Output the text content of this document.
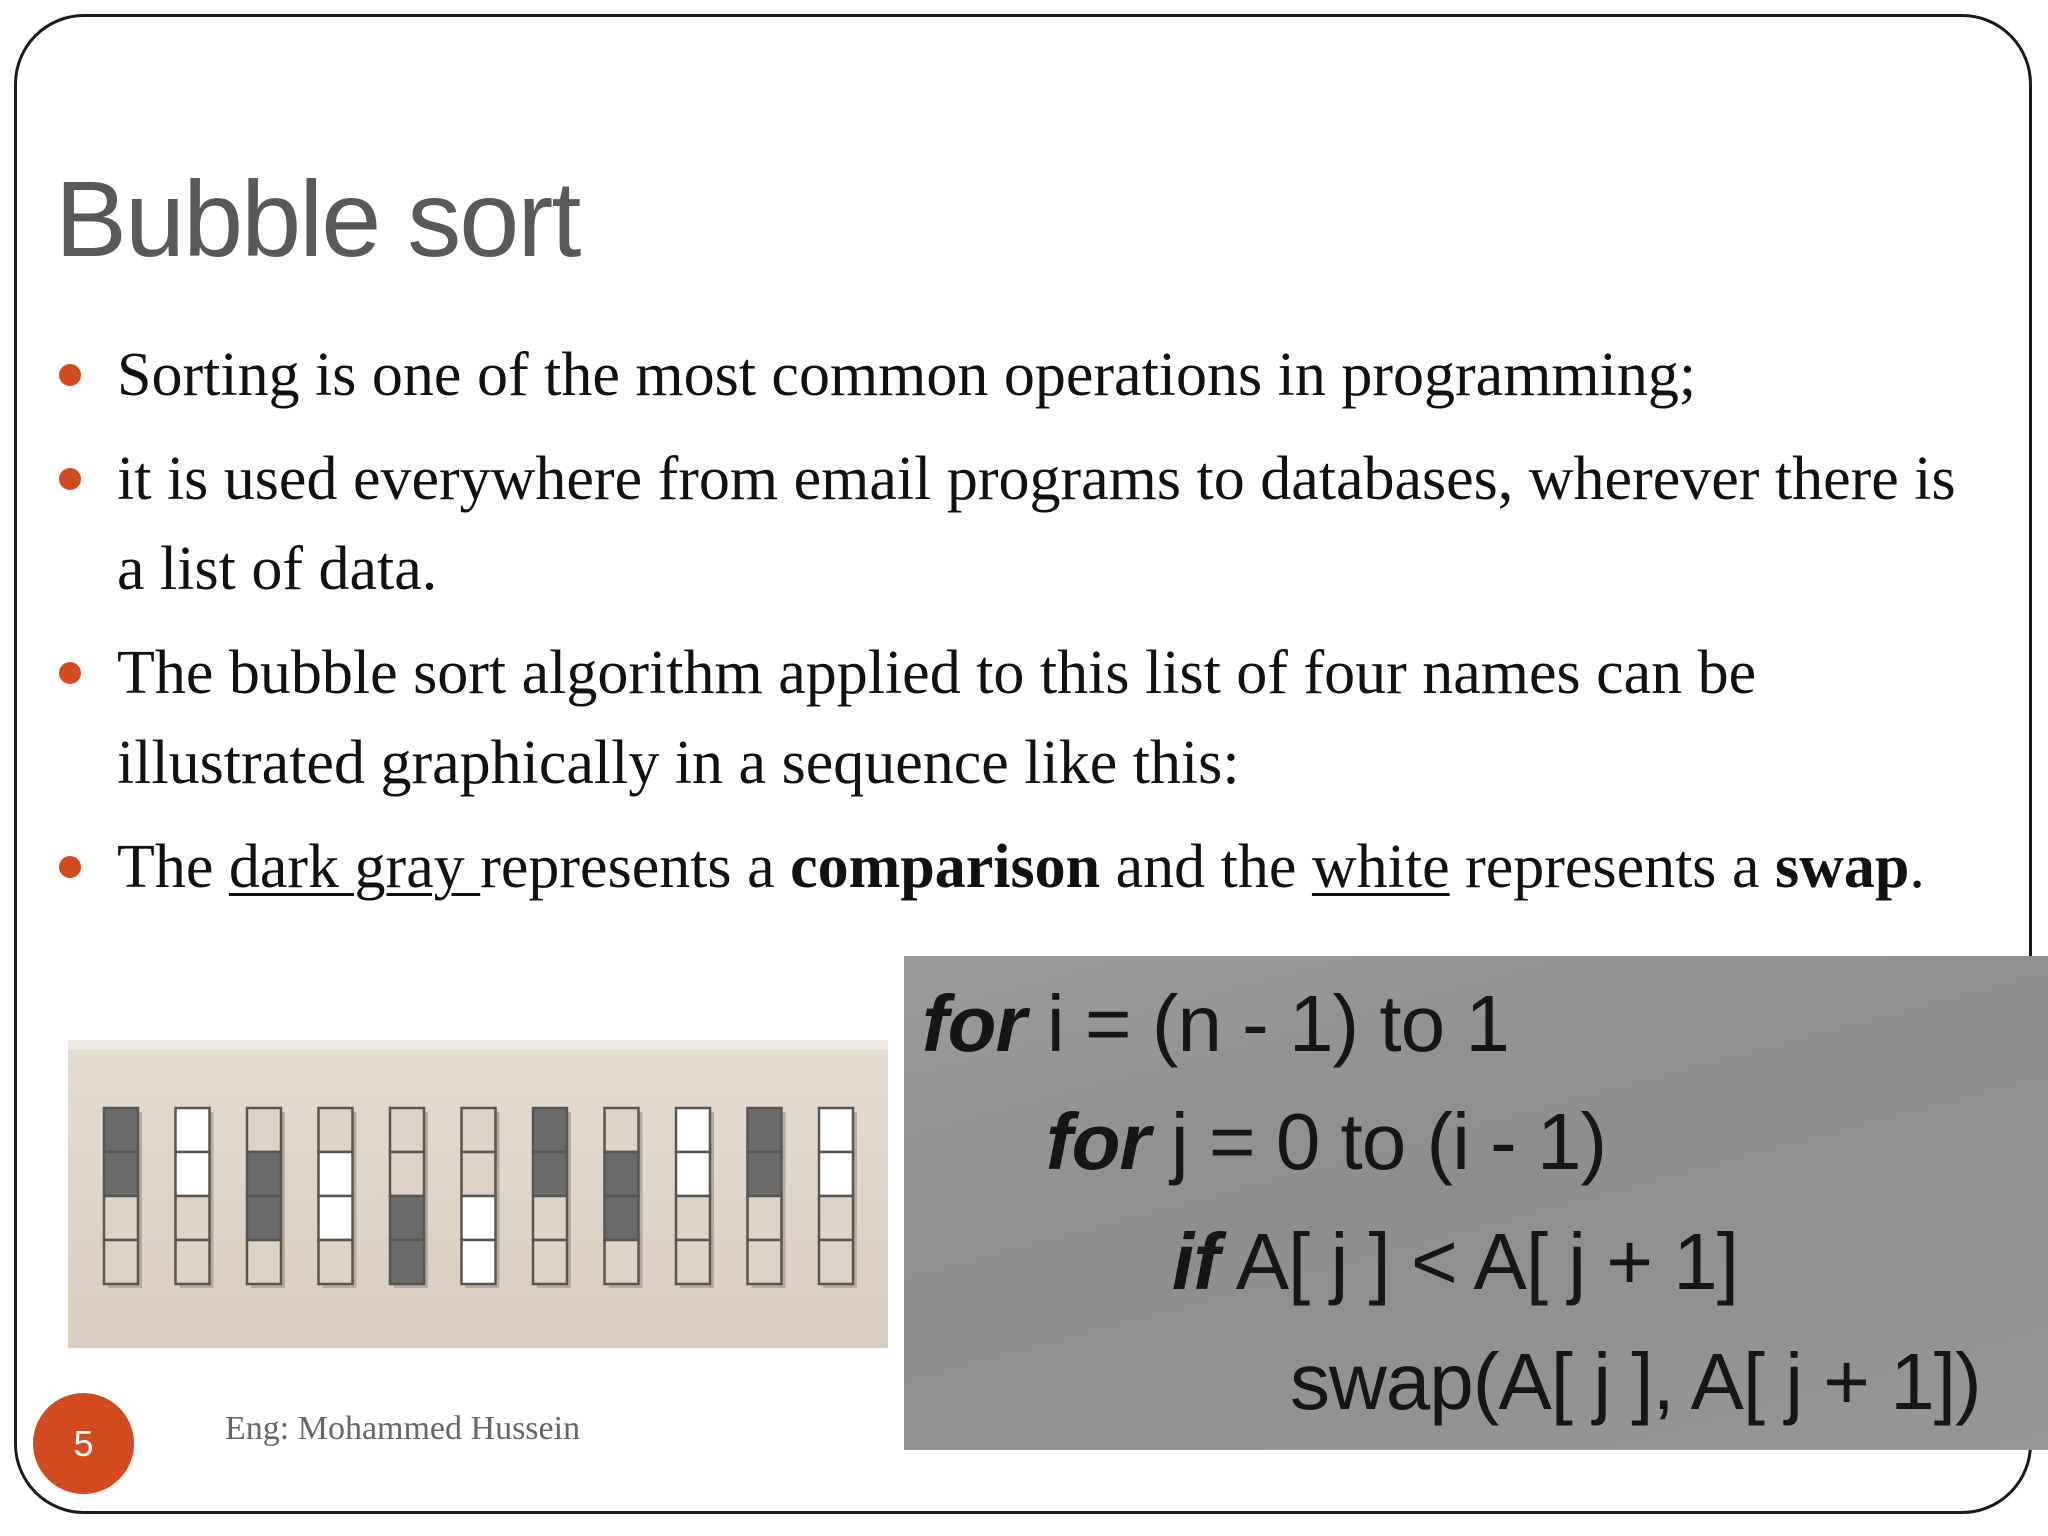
Bubble sort
Sorting is one of the most common operations in programming;
it is used everywhere from email programs to databases, wherever there is a list of data.
The bubble sort algorithm applied to this list of four names can be illustrated graphically in a sequence like this:
The dark gray represents a comparison and the white represents a swap.
for i = (n - 1) to 1
for j = 0 to (i - 1)
if A[ j ] < A[ j + 1]
swap(A[ j ], A[ j + 1])
5	Eng: Mohammed Hussein
